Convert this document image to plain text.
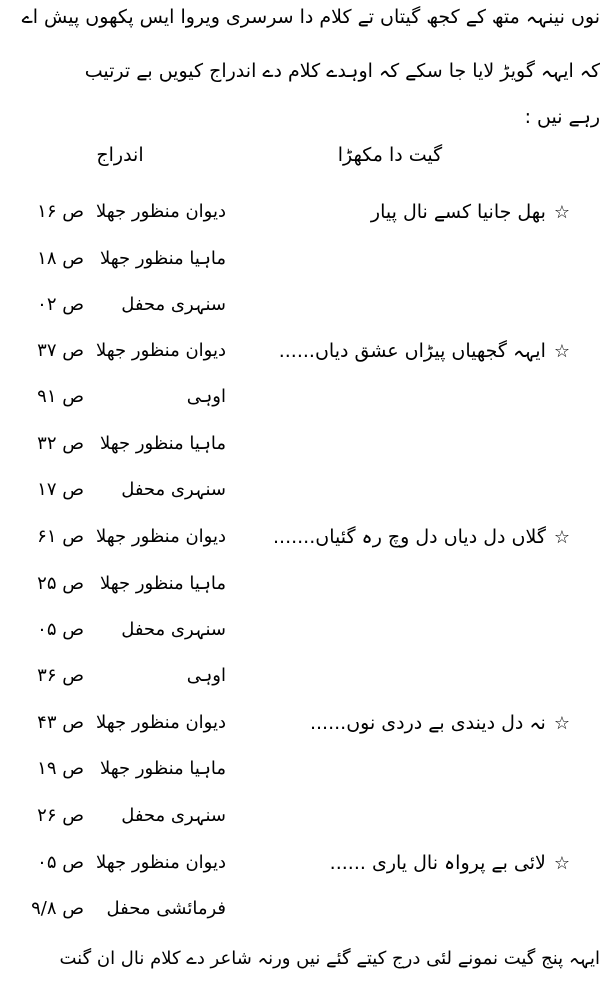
نوں نینہہ متھ کے کجھ گیتاں تے کلام دا سرسری ویروا ایس پکھوں پیش اے
کہ ایہہ گویڑ لایا جا سکے کہ اوہدے کلام دے اندراج کیویں بے ترتیب
رہے نیں :
گیت دا مکھڑا
اندراج
☆بھل جانیا کسے نال پیار
☆ایہہ گجھیاں پیڑاں عشق دیاں......
☆گلاں دل دیاں دل وچ رہ گئیاں.......
☆نہ دل دیندی بے دردی نوں......
☆لائی بے پرواہ نال یاری ......
دیوان منظور جھلا
ص ۱۶
ماہیا منظور جھلا
ص ۱۸
سنہری محفل
ص ۰۲
دیوان منظور جھلا
ص ۳۷
اوہی
ص ۹۱
ماہیا منظور جھلا
ص ۳۲
سنہری محفل
ص ۱۷
دیوان منظور جھلا
ص ۶۱
ماہیا منظور جھلا
ص ۲۵
سنہری محفل
ص ۰۵
اوہی
ص ۳۶
دیوان منظور جھلا
ص ۴۳
ماہیا منظور جھلا
ص ۱۹
سنہری محفل
ص ۲۶
دیوان منظور جھلا
ص ۰۵
فرمائشی محفل
ص ۹/۸
ایہہ پنج گیت نمونے لئی درج کیتے گئے نیں ورنہ شاعر دے کلام نال ان گنت
